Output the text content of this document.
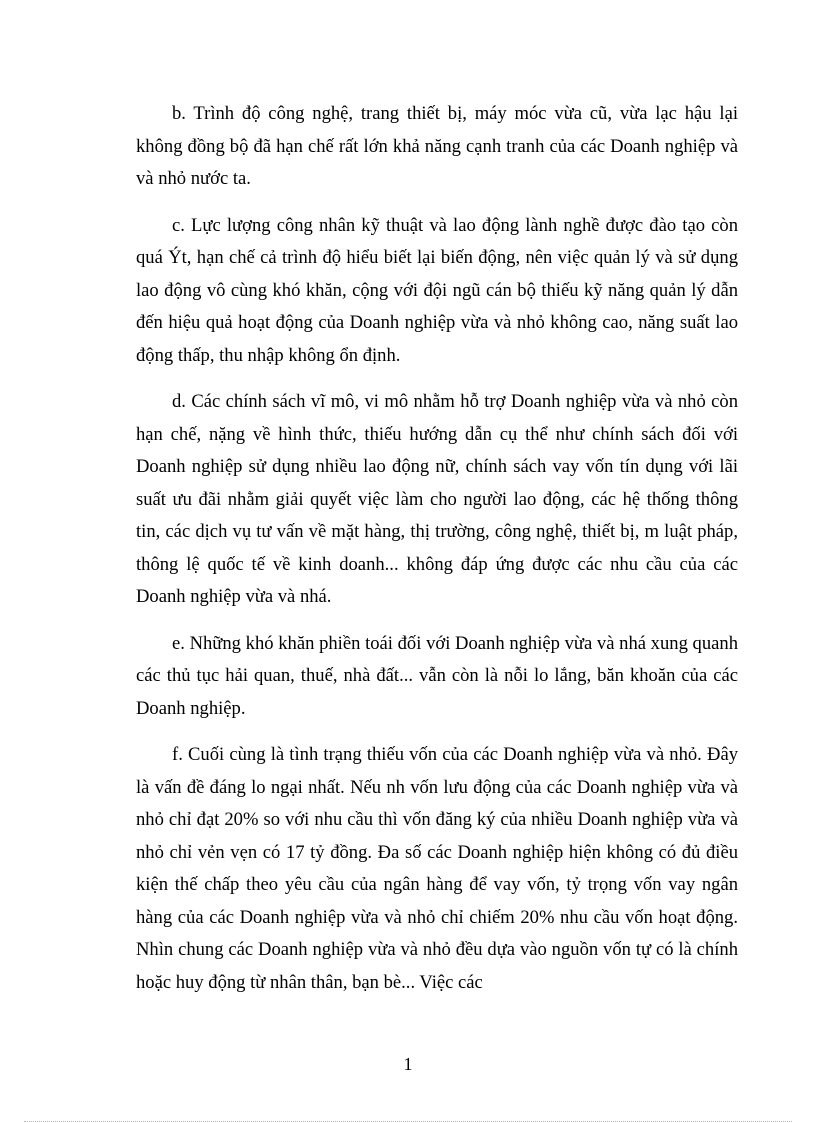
b. Trình độ công nghệ, trang thiết bị, máy móc vừa cũ, vừa lạc hậu lại không đồng bộ đã hạn chế rất lớn khả năng cạnh tranh của các Doanh nghiệp và và nhỏ nước ta.

c. Lực lượng công nhân kỹ thuật và lao động lành nghề được đào tạo còn quá Ýt, hạn chế cả trình độ hiểu biết lại biến động, nên việc quản lý và sử dụng lao động vô cùng khó khăn, cộng với đội ngũ cán bộ thiếu kỹ năng quản lý dẫn đến hiệu quả hoạt động của Doanh nghiệp vừa và nhỏ không cao, năng suất lao động thấp, thu nhập không ổn định.

d. Các chính sách vĩ mô, vi mô nhằm hỗ trợ Doanh nghiệp vừa và nhỏ còn hạn chế, nặng về hình thức, thiếu hướng dẫn cụ thể như chính sách đối với Doanh nghiệp sử dụng nhiều lao động nữ, chính sách vay vốn tín dụng với lãi suất ưu đãi nhằm giải quyết việc làm cho người lao động, các hệ thống thông tin, các dịch vụ tư vấn về mặt hàng, thị trường, công nghệ, thiết bị, m luật pháp, thông lệ quốc tế về kinh doanh... không đáp ứng được các nhu cầu của các Doanh nghiệp vừa và nhá.

e. Những khó khăn phiền toái đối với Doanh nghiệp vừa và nhá xung quanh các thủ tục hải quan, thuế, nhà đất... vẫn còn là nỗi lo lắng, băn khoăn của các Doanh nghiệp.

f. Cuối cùng là tình trạng thiếu vốn của các Doanh nghiệp vừa và nhỏ. Đây là vấn đề đáng lo ngại nhất. Nếu nh vốn lưu động của các Doanh nghiệp vừa và nhỏ chỉ đạt 20% so với nhu cầu thì vốn đăng ký của nhiều Doanh nghiệp vừa và nhỏ chỉ vẻn vẹn có 17 tỷ đồng. Đa số các Doanh nghiệp hiện không có đủ điều kiện thế chấp theo yêu cầu của ngân hàng để vay vốn, tỷ trọng vốn vay ngân hàng của các Doanh nghiệp vừa và nhỏ chỉ chiếm 20% nhu cầu vốn hoạt động. Nhìn chung các Doanh nghiệp vừa và nhỏ đều dựa vào nguồn vốn tự có là chính hoặc huy động từ nhân thân, bạn bè... Việc các

1
